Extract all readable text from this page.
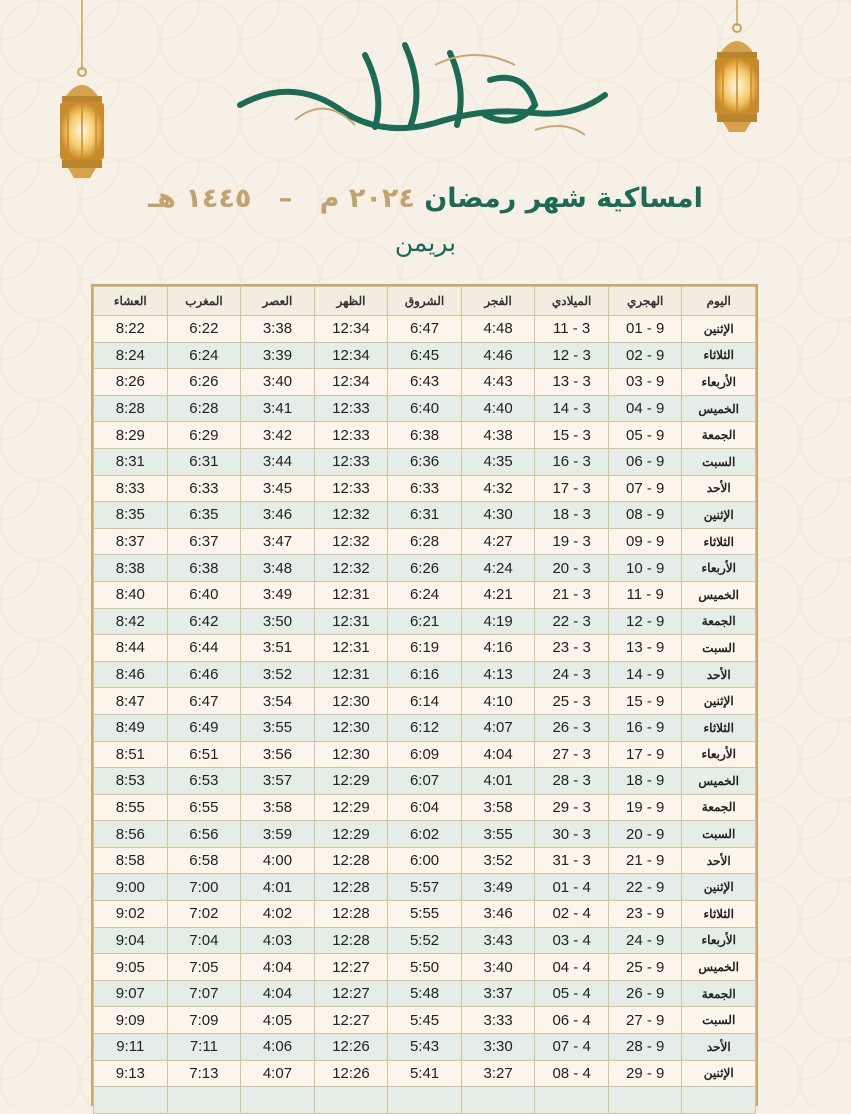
امساكية شهر رمضان ٢٠٢٤ م – ١٤٤٥ هـ
بريمن
اليوم	الهجري	الميلادي	الفجر	الشروق	الظهر	العصر	المغرب	العشاء
الإثنين	01 - 9	11 - 3	4:48	6:47	12:34	3:38	6:22	8:22
الثلاثاء	02 - 9	12 - 3	4:46	6:45	12:34	3:39	6:24	8:24
الأربعاء	03 - 9	13 - 3	4:43	6:43	12:34	3:40	6:26	8:26
الخميس	04 - 9	14 - 3	4:40	6:40	12:33	3:41	6:28	8:28
الجمعة	05 - 9	15 - 3	4:38	6:38	12:33	3:42	6:29	8:29
السبت	06 - 9	16 - 3	4:35	6:36	12:33	3:44	6:31	8:31
الأحد	07 - 9	17 - 3	4:32	6:33	12:33	3:45	6:33	8:33
الإثنين	08 - 9	18 - 3	4:30	6:31	12:32	3:46	6:35	8:35
الثلاثاء	09 - 9	19 - 3	4:27	6:28	12:32	3:47	6:37	8:37
الأربعاء	10 - 9	20 - 3	4:24	6:26	12:32	3:48	6:38	8:38
الخميس	11 - 9	21 - 3	4:21	6:24	12:31	3:49	6:40	8:40
الجمعة	12 - 9	22 - 3	4:19	6:21	12:31	3:50	6:42	8:42
السبت	13 - 9	23 - 3	4:16	6:19	12:31	3:51	6:44	8:44
الأحد	14 - 9	24 - 3	4:13	6:16	12:31	3:52	6:46	8:46
الإثنين	15 - 9	25 - 3	4:10	6:14	12:30	3:54	6:47	8:47
الثلاثاء	16 - 9	26 - 3	4:07	6:12	12:30	3:55	6:49	8:49
الأربعاء	17 - 9	27 - 3	4:04	6:09	12:30	3:56	6:51	8:51
الخميس	18 - 9	28 - 3	4:01	6:07	12:29	3:57	6:53	8:53
الجمعة	19 - 9	29 - 3	3:58	6:04	12:29	3:58	6:55	8:55
السبت	20 - 9	30 - 3	3:55	6:02	12:29	3:59	6:56	8:56
الأحد	21 - 9	31 - 3	3:52	6:00	12:28	4:00	6:58	8:58
الإثنين	22 - 9	01 - 4	3:49	5:57	12:28	4:01	7:00	9:00
الثلاثاء	23 - 9	02 - 4	3:46	5:55	12:28	4:02	7:02	9:02
الأربعاء	24 - 9	03 - 4	3:43	5:52	12:28	4:03	7:04	9:04
الخميس	25 - 9	04 - 4	3:40	5:50	12:27	4:04	7:05	9:05
الجمعة	26 - 9	05 - 4	3:37	5:48	12:27	4:04	7:07	9:07
السبت	27 - 9	06 - 4	3:33	5:45	12:27	4:05	7:09	9:09
الأحد	28 - 9	07 - 4	3:30	5:43	12:26	4:06	7:11	9:11
الإثنين	29 - 9	08 - 4	3:27	5:41	12:26	4:07	7:13	9:13
